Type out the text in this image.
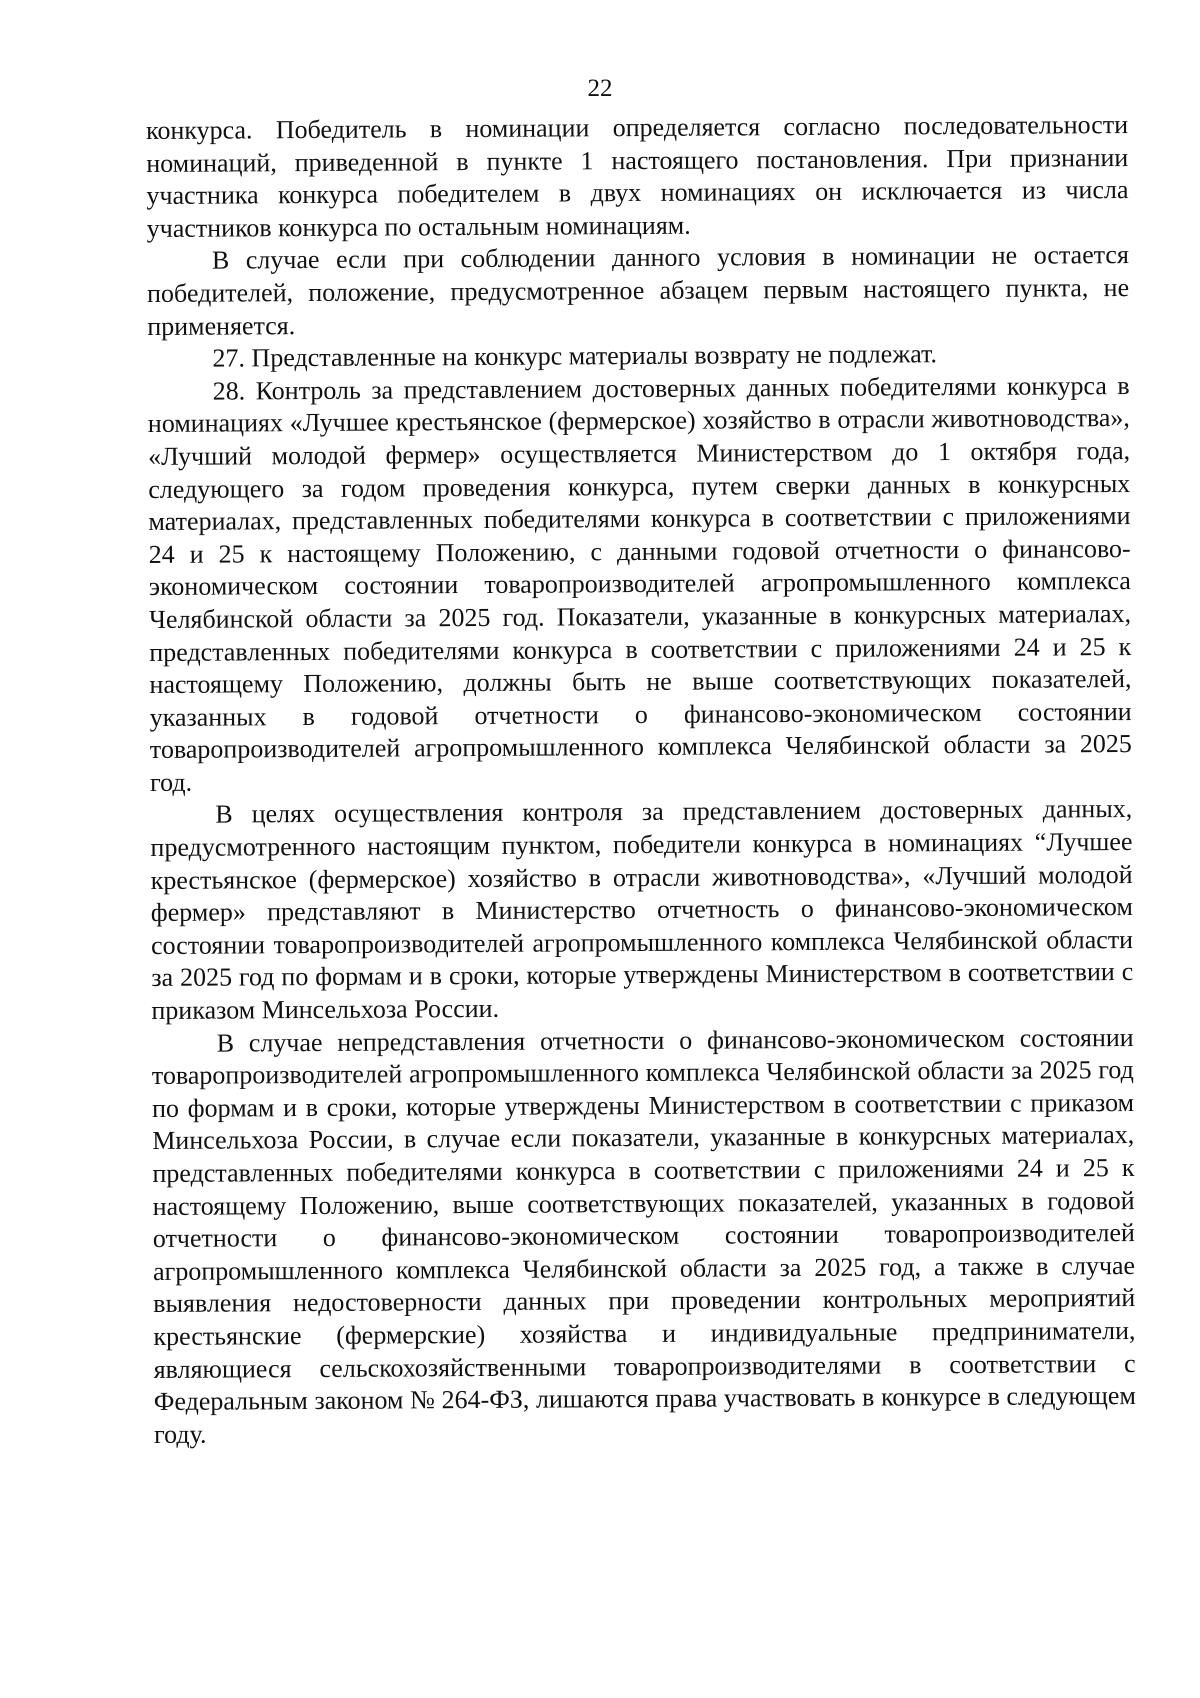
22

конкурса. Победитель в номинации определяется согласно последовательности номинаций, приведенной в пункте 1 настоящего постановления. При признании участника конкурса победителем в двух номинациях он исключается из числа участников конкурса по остальным номинациям.

В случае если при соблюдении данного условия в номинации не остается победителей, положение, предусмотренное абзацем первым настоящего пункта, не применяется.

27. Представленные на конкурс материалы возврату не подлежат.

28. Контроль за представлением достоверных данных победителями конкурса в номинациях «Лучшее крестьянское (фермерское) хозяйство в отрасли животноводства», «Лучший молодой фермер» осуществляется Министерством до 1 октября года, следующего за годом проведения конкурса, путем сверки данных в конкурсных материалах, представленных победителями конкурса в соответствии с приложениями 24 и 25 к настоящему Положению, с данными годовой отчетности о финансово-экономическом состоянии товаропроизводителей агропромышленного комплекса Челябинской области за 2025 год. Показатели, указанные в конкурсных материалах, представленных победителями конкурса в соответствии с приложениями 24 и 25 к настоящему Положению, должны быть не выше соответствующих показателей, указанных в годовой отчетности о финансово-экономическом состоянии товаропроизводителей агропромышленного комплекса Челябинской области за 2025 год.

В целях осуществления контроля за представлением достоверных данных, предусмотренного настоящим пунктом, победители конкурса в номинациях “Лучшее крестьянское (фермерское) хозяйство в отрасли животноводства», «Лучший молодой фермер» представляют в Министерство отчетность о финансово-экономическом состоянии товаропроизводителей агропромышленного комплекса Челябинской области за 2025 год по формам и в сроки, которые утверждены Министерством в соответствии с приказом Минсельхоза России.

В случае непредставления отчетности о финансово-экономическом состоянии товаропроизводителей агропромышленного комплекса Челябинской области за 2025 год по формам и в сроки, которые утверждены Министерством в соответствии с приказом Минсельхоза России, в случае если показатели, указанные в конкурсных материалах, представленных победителями конкурса в соответствии с приложениями 24 и 25 к настоящему Положению, выше соответствующих показателей, указанных в годовой отчетности о финансово-экономическом состоянии товаропроизводителей агропромышленного комплекса Челябинской области за 2025 год, а также в случае выявления недостоверности данных при проведении контрольных мероприятий крестьянские (фермерские) хозяйства и индивидуальные предприниматели, являющиеся сельскохозяйственными товаропроизводителями в соответствии с Федеральным законом № 264-ФЗ, лишаются права участвовать в конкурсе в следующем году.
